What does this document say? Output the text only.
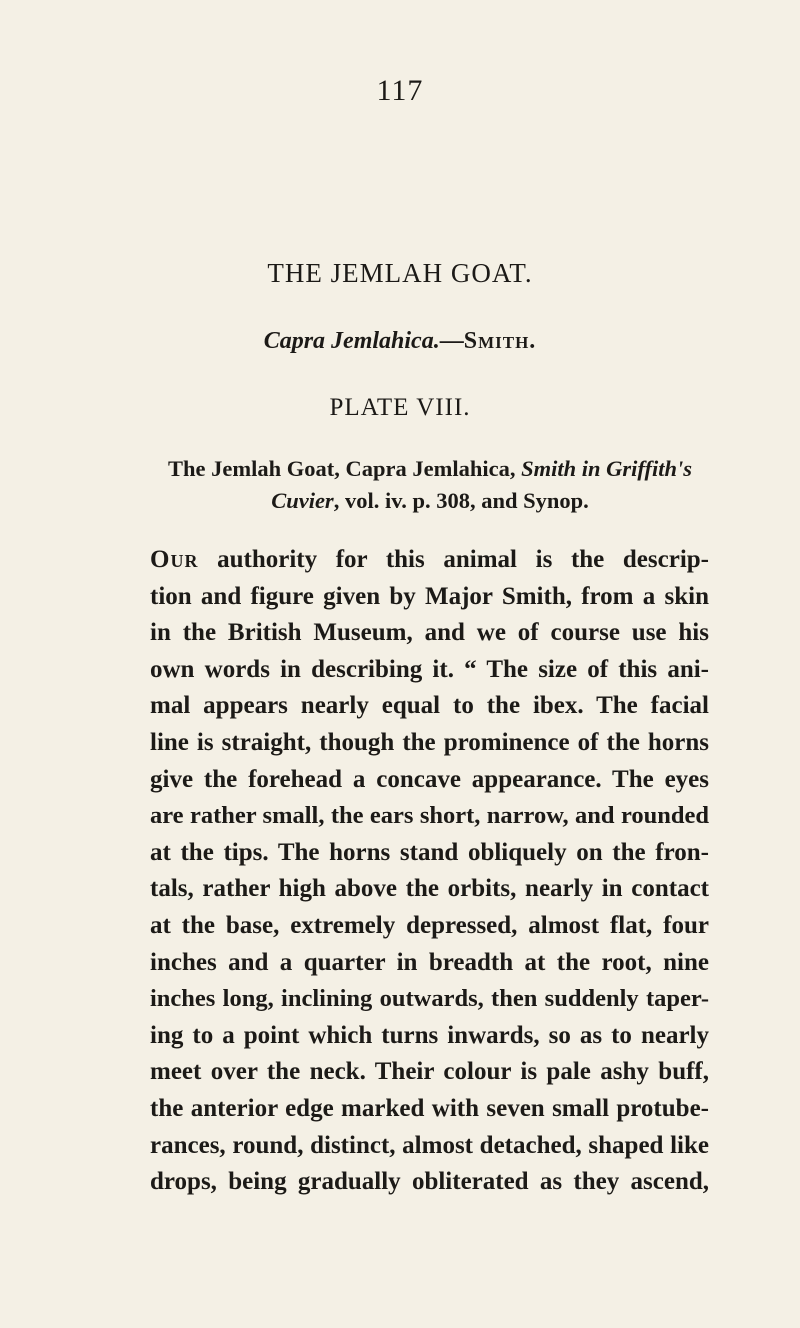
117
THE JEMLAH GOAT.
Capra Jemlahica.—Smith.
PLATE VIII.
The Jemlah Goat, Capra Jemlahica, Smith in Griffith's
Cuvier, vol. iv. p. 308, and Synop.
Our authority for this animal is the descrip-
tion and figure given by Major Smith, from a skin
in the British Museum, and we of course use his
own words in describing it. “ The size of this ani-
mal appears nearly equal to the ibex. The facial
line is straight, though the prominence of the horns
give the forehead a concave appearance. The eyes
are rather small, the ears short, narrow, and rounded
at the tips. The horns stand obliquely on the fron-
tals, rather high above the orbits, nearly in contact
at the base, extremely depressed, almost flat, four
inches and a quarter in breadth at the root, nine
inches long, inclining outwards, then suddenly taper-
ing to a point which turns inwards, so as to nearly
meet over the neck. Their colour is pale ashy buff,
the anterior edge marked with seven small protube-
rances, round, distinct, almost detached, shaped like
drops, being gradually obliterated as they ascend,
